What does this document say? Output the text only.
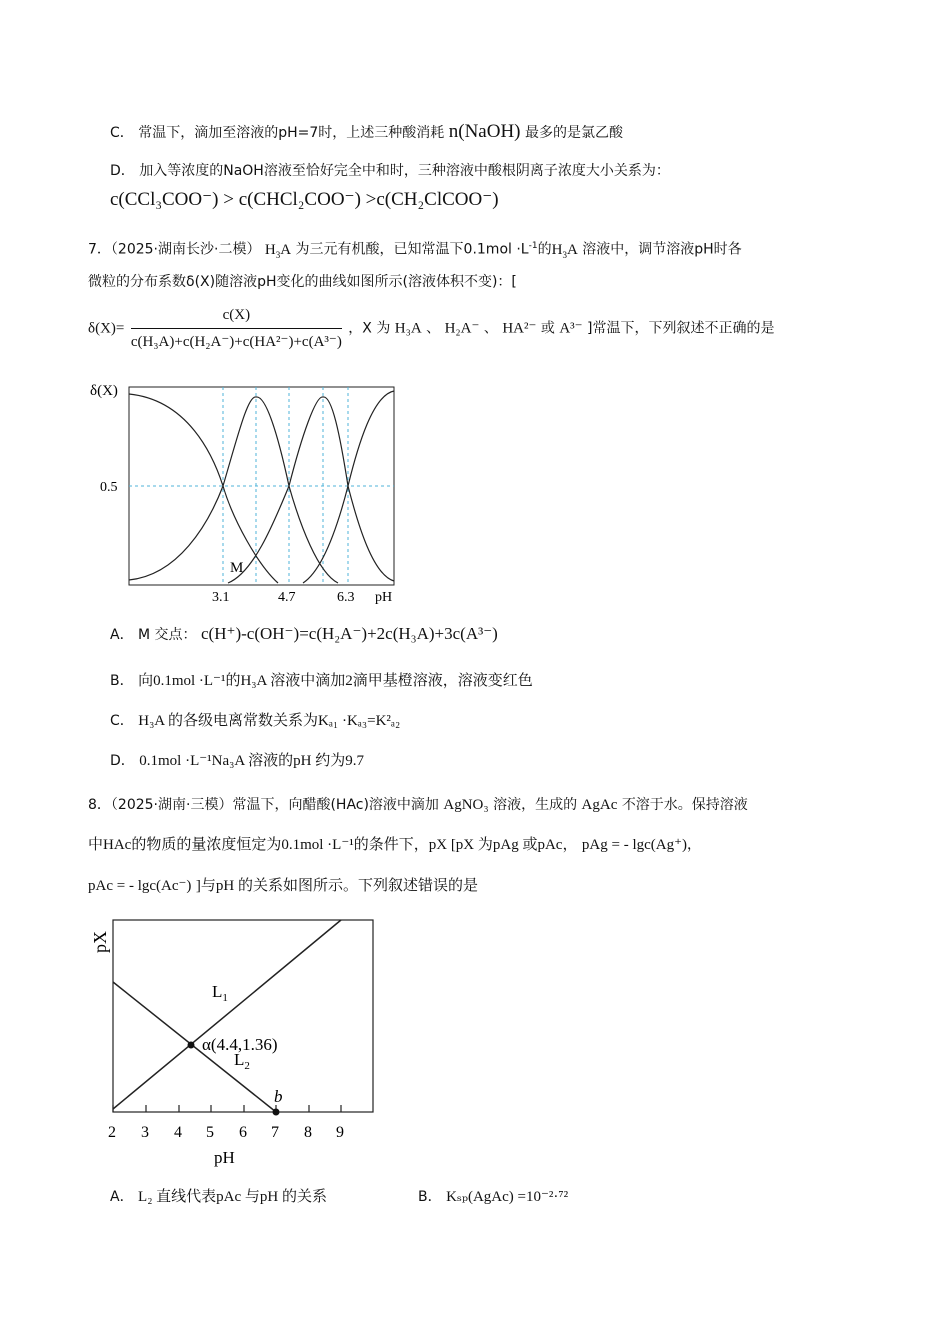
C． 常温下，滴加至溶液的pH=7时，上述三种酸消耗 n(NaOH) 最多的是氯乙酸
D． 加入等浓度的NaOH溶液至恰好完全中和时，三种溶液中酸根阴离子浓度大小关系为：
c(CCl₃COO⁻) > c(CHCl₂COO⁻) >c(CH₂ClCOO⁻)
7．（2025·湖南长沙·二模） $H_3A$ 为三元有机酸，已知常温下$0.1mol \cdot L^{-1}$的$H_3A$ 溶液中，调节溶液pH时各
微粒的分布系数δ(X)随溶液pH变化的曲线如图所示(溶液体积不变)：[
$\delta(X)= \frac{c(X)}{\text{c(H₃A)+c(H₂A⁻)+c(HA²⁻)+c(A³⁻)}}$ ，X 为 H₃A 、 H₂A⁻ 、 HA²⁻ 或 A³⁻ ]常温下，下列叙述不正确的是
δ(X)
0.5
3.1	4.7	6.3 pH
M
A． M 交点： c(H⁺)-c(OH⁻)=c(H₂A⁻)+2c(H₃A)+3c(A³⁻)
B． 向0.1mol ·L⁻¹的H₃A 溶液中滴加2滴甲基橙溶液，溶液变红色
C． H₃A 的各级电离常数关系为Kₐ₁ ·Kₐ₃=K²ₐ₂
D． 0.1mol ·L⁻¹Na₃A 溶液的pH 约为9.7
8．（2025·湖南·三模）常温下，向醋酸(HAc)溶液中滴加 AgNO₃ 溶液，生成的 AgAc 不溶于水。保持溶液
中HAc的物质的量浓度恒定为0.1mol ·L⁻¹的条件下，pX [pX 为pAg 或pAc， pAg = - lgc(Ag⁺)，
pAc = - lgc(Ac⁻) ]与pH 的关系如图所示。下列叙述错误的是
pX
$L_1$
$L_2$
α(4.4,1.36)
b
2 3 4 5 6 7 8 9
pH
A． L₂ 直线代表pAc 与pH 的关系	B． Kₛₚ(AgAc) =10⁻²·⁷²
